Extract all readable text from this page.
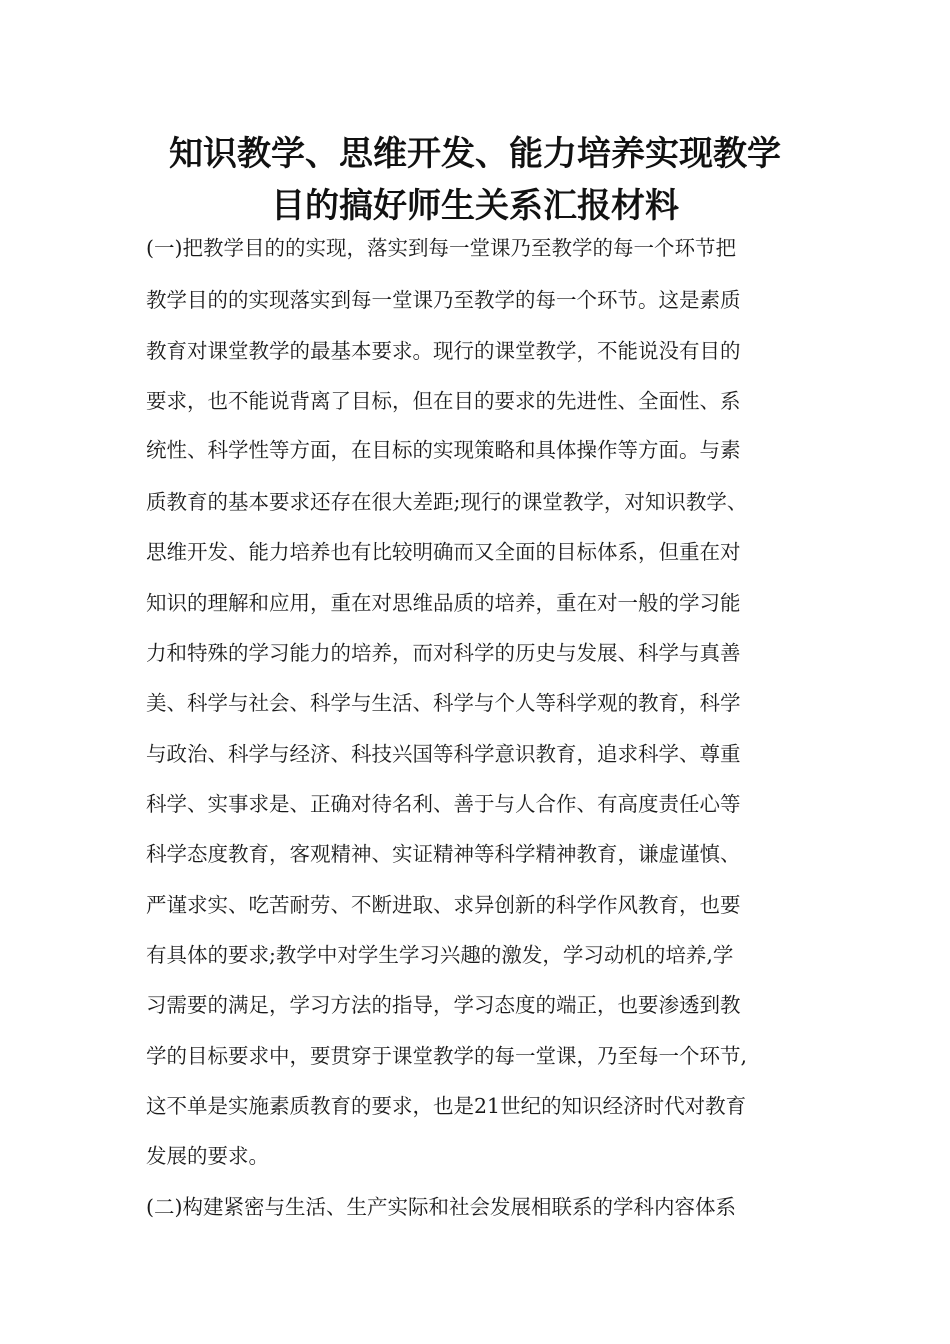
知识教学、思维开发、能力培养实现教学
目的搞好师生关系汇报材料

(一)把教学目的的实现，落实到每一堂课乃至教学的每一个环节把

教学目的的实现落实到每一堂课乃至教学的每一个环节。这是素质

教育对课堂教学的最基本要求。现行的课堂教学，不能说没有目的

要求，也不能说背离了目标，但在目的要求的先进性、全面性、系

统性、科学性等方面，在目标的实现策略和具体操作等方面。与素

质教育的基本要求还存在很大差距;现行的课堂教学，对知识教学、

思维开发、能力培养也有比较明确而又全面的目标体系，但重在对

知识的理解和应用，重在对思维品质的培养，重在对一般的学习能

力和特殊的学习能力的培养，而对科学的历史与发展、科学与真善

美、科学与社会、科学与生活、科学与个人等科学观的教育，科学

与政治、科学与经济、科技兴国等科学意识教育，追求科学、尊重

科学、实事求是、正确对待名利、善于与人合作、有高度责任心等

科学态度教育，客观精神、实证精神等科学精神教育，谦虚谨慎、

严谨求实、吃苦耐劳、不断进取、求异创新的科学作风教育，也要

有具体的要求;教学中对学生学习兴趣的激发，学习动机的培养,学

习需要的满足，学习方法的指导，学习态度的端正，也要渗透到教

学的目标要求中，要贯穿于课堂教学的每一堂课，乃至每一个环节,

这不单是实施素质教育的要求，也是21世纪的知识经济时代对教育

发展的要求。

(二)构建紧密与生活、生产实际和社会发展相联系的学科内容体系
